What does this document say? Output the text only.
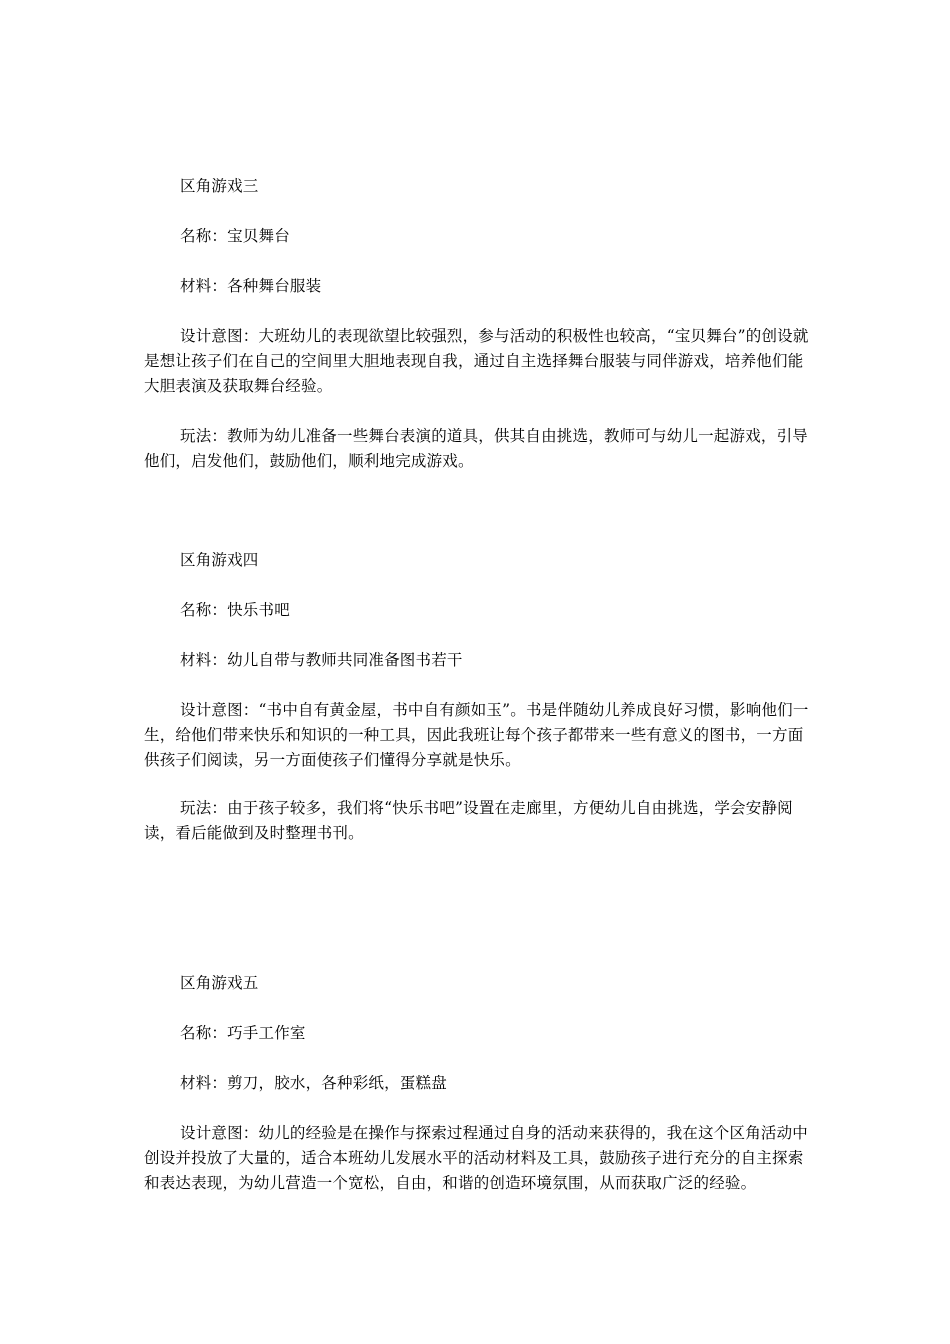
区角游戏三

名称：宝贝舞台

材料：各种舞台服装

设计意图：大班幼儿的表现欲望比较强烈，参与活动的积极性也较高，“宝贝舞台”的创设就是想让孩子们在自己的空间里大胆地表现自我，通过自主选择舞台服装与同伴游戏，培养他们能大胆表演及获取舞台经验。

玩法：教师为幼儿准备一些舞台表演的道具，供其自由挑选，教师可与幼儿一起游戏，引导他们，启发他们，鼓励他们，顺利地完成游戏。

区角游戏四

名称：快乐书吧

材料：幼儿自带与教师共同准备图书若干

设计意图：“书中自有黄金屋，书中自有颜如玉”。书是伴随幼儿养成良好习惯，影响他们一生，给他们带来快乐和知识的一种工具，因此我班让每个孩子都带来一些有意义的图书，一方面供孩子们阅读，另一方面使孩子们懂得分享就是快乐。

玩法：由于孩子较多，我们将“快乐书吧”设置在走廊里，方便幼儿自由挑选，学会安静阅读，看后能做到及时整理书刊。

区角游戏五

名称：巧手工作室

材料：剪刀，胶水，各种彩纸，蛋糕盘

设计意图：幼儿的经验是在操作与探索过程通过自身的活动来获得的，我在这个区角活动中创设并投放了大量的，适合本班幼儿发展水平的活动材料及工具，鼓励孩子进行充分的自主探索和表达表现，为幼儿营造一个宽松，自由，和谐的创造环境氛围，从而获取广泛的经验。
